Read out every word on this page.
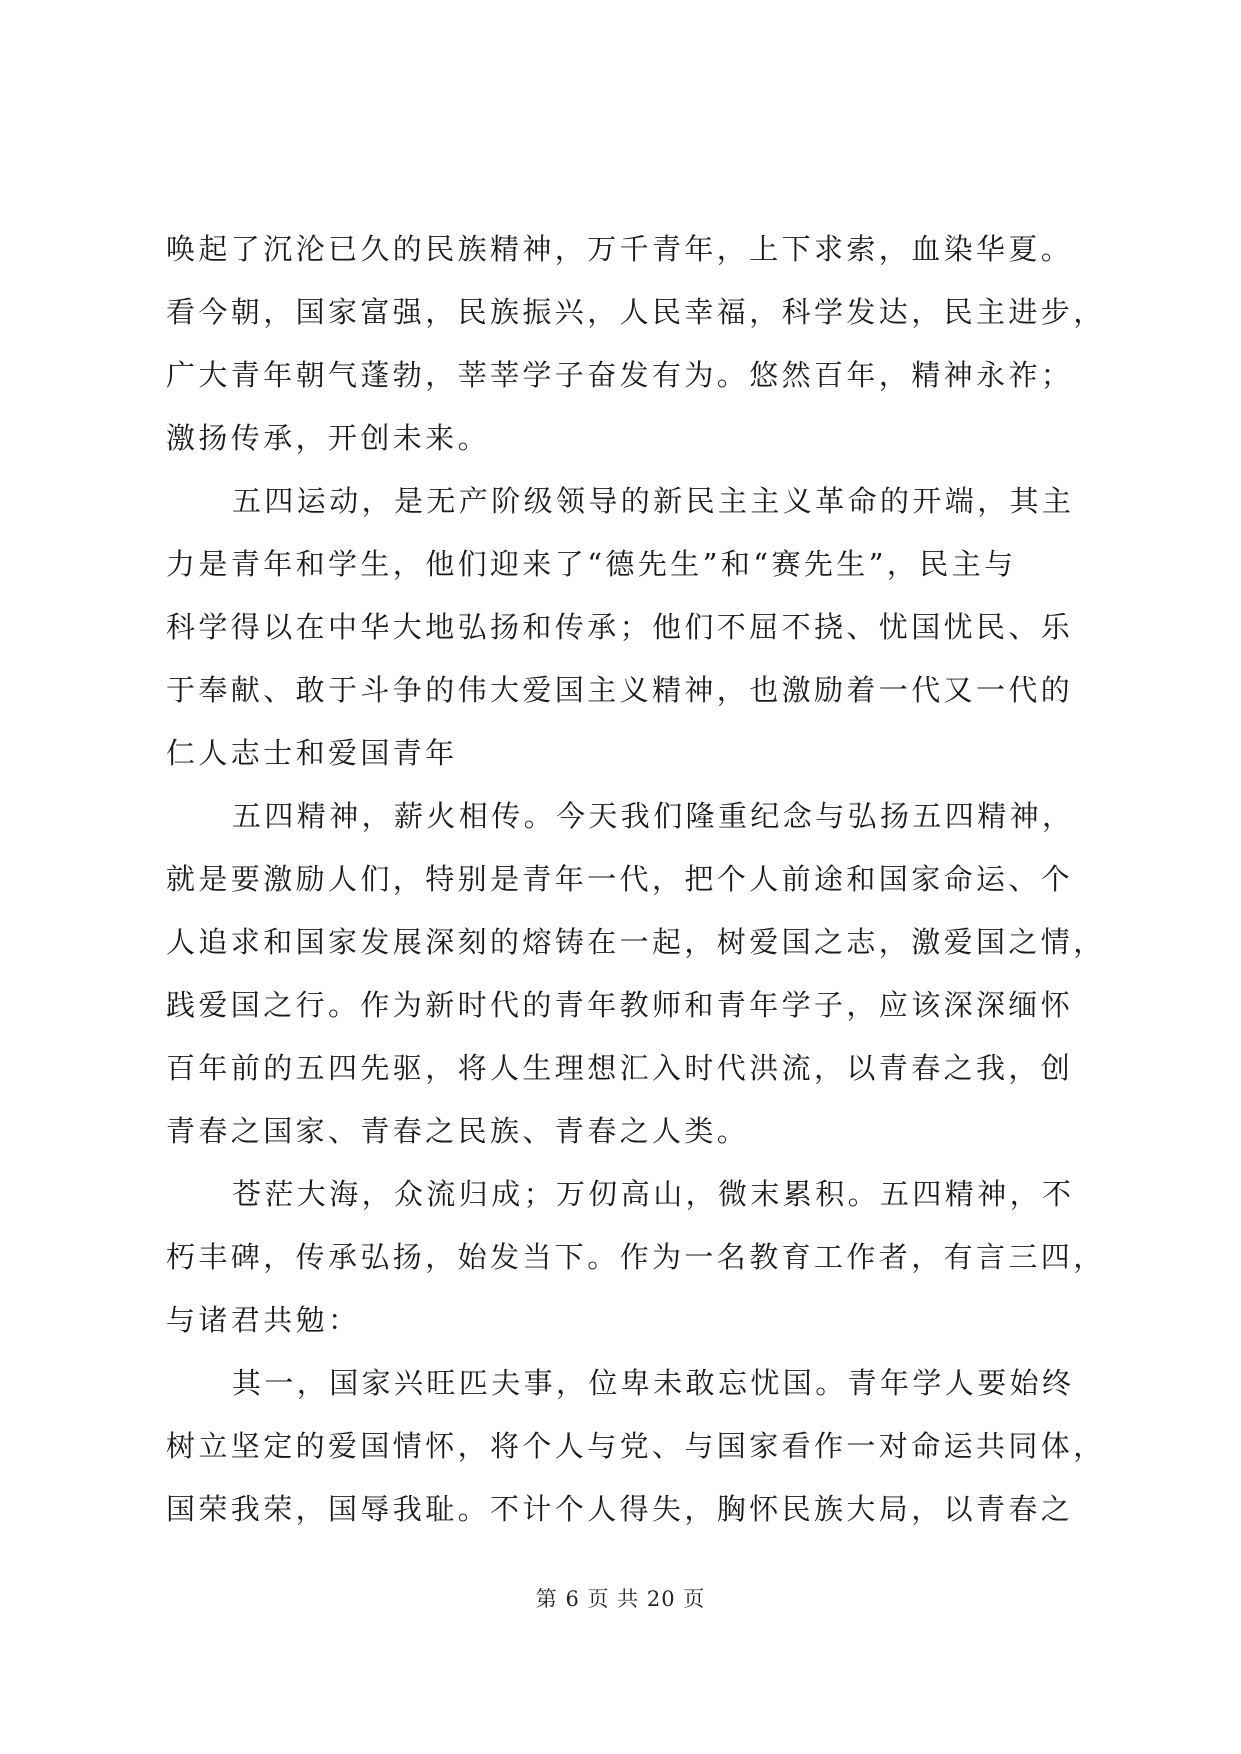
唤起了沉沦已久的民族精神，万千青年，上下求索，血染华夏。
看今朝，国家富强，民族振兴，人民幸福，科学发达，民主进步，
广大青年朝气蓬勃，莘莘学子奋发有为。悠然百年，精神永祚；
激扬传承，开创未来。
五四运动，是无产阶级领导的新民主主义革命的开端，其主
力是青年和学生，他们迎来了“德先生”和“赛先生”，民主与
科学得以在中华大地弘扬和传承；他们不屈不挠、忧国忧民、乐
于奉献、敢于斗争的伟大爱国主义精神，也激励着一代又一代的
仁人志士和爱国青年
五四精神，薪火相传。今天我们隆重纪念与弘扬五四精神，
就是要激励人们，特别是青年一代，把个人前途和国家命运、个
人追求和国家发展深刻的熔铸在一起，树爱国之志，激爱国之情，
践爱国之行。作为新时代的青年教师和青年学子，应该深深缅怀
百年前的五四先驱，将人生理想汇入时代洪流，以青春之我，创
青春之国家、青春之民族、青春之人类。
苍茫大海，众流归成；万仞高山，微末累积。五四精神，不
朽丰碑，传承弘扬，始发当下。作为一名教育工作者，有言三四，
与诸君共勉：
其一，国家兴旺匹夫事，位卑未敢忘忧国。青年学人要始终
树立坚定的爱国情怀，将个人与党、与国家看作一对命运共同体，
国荣我荣，国辱我耻。不计个人得失，胸怀民族大局，以青春之
第 6 页 共 20 页
